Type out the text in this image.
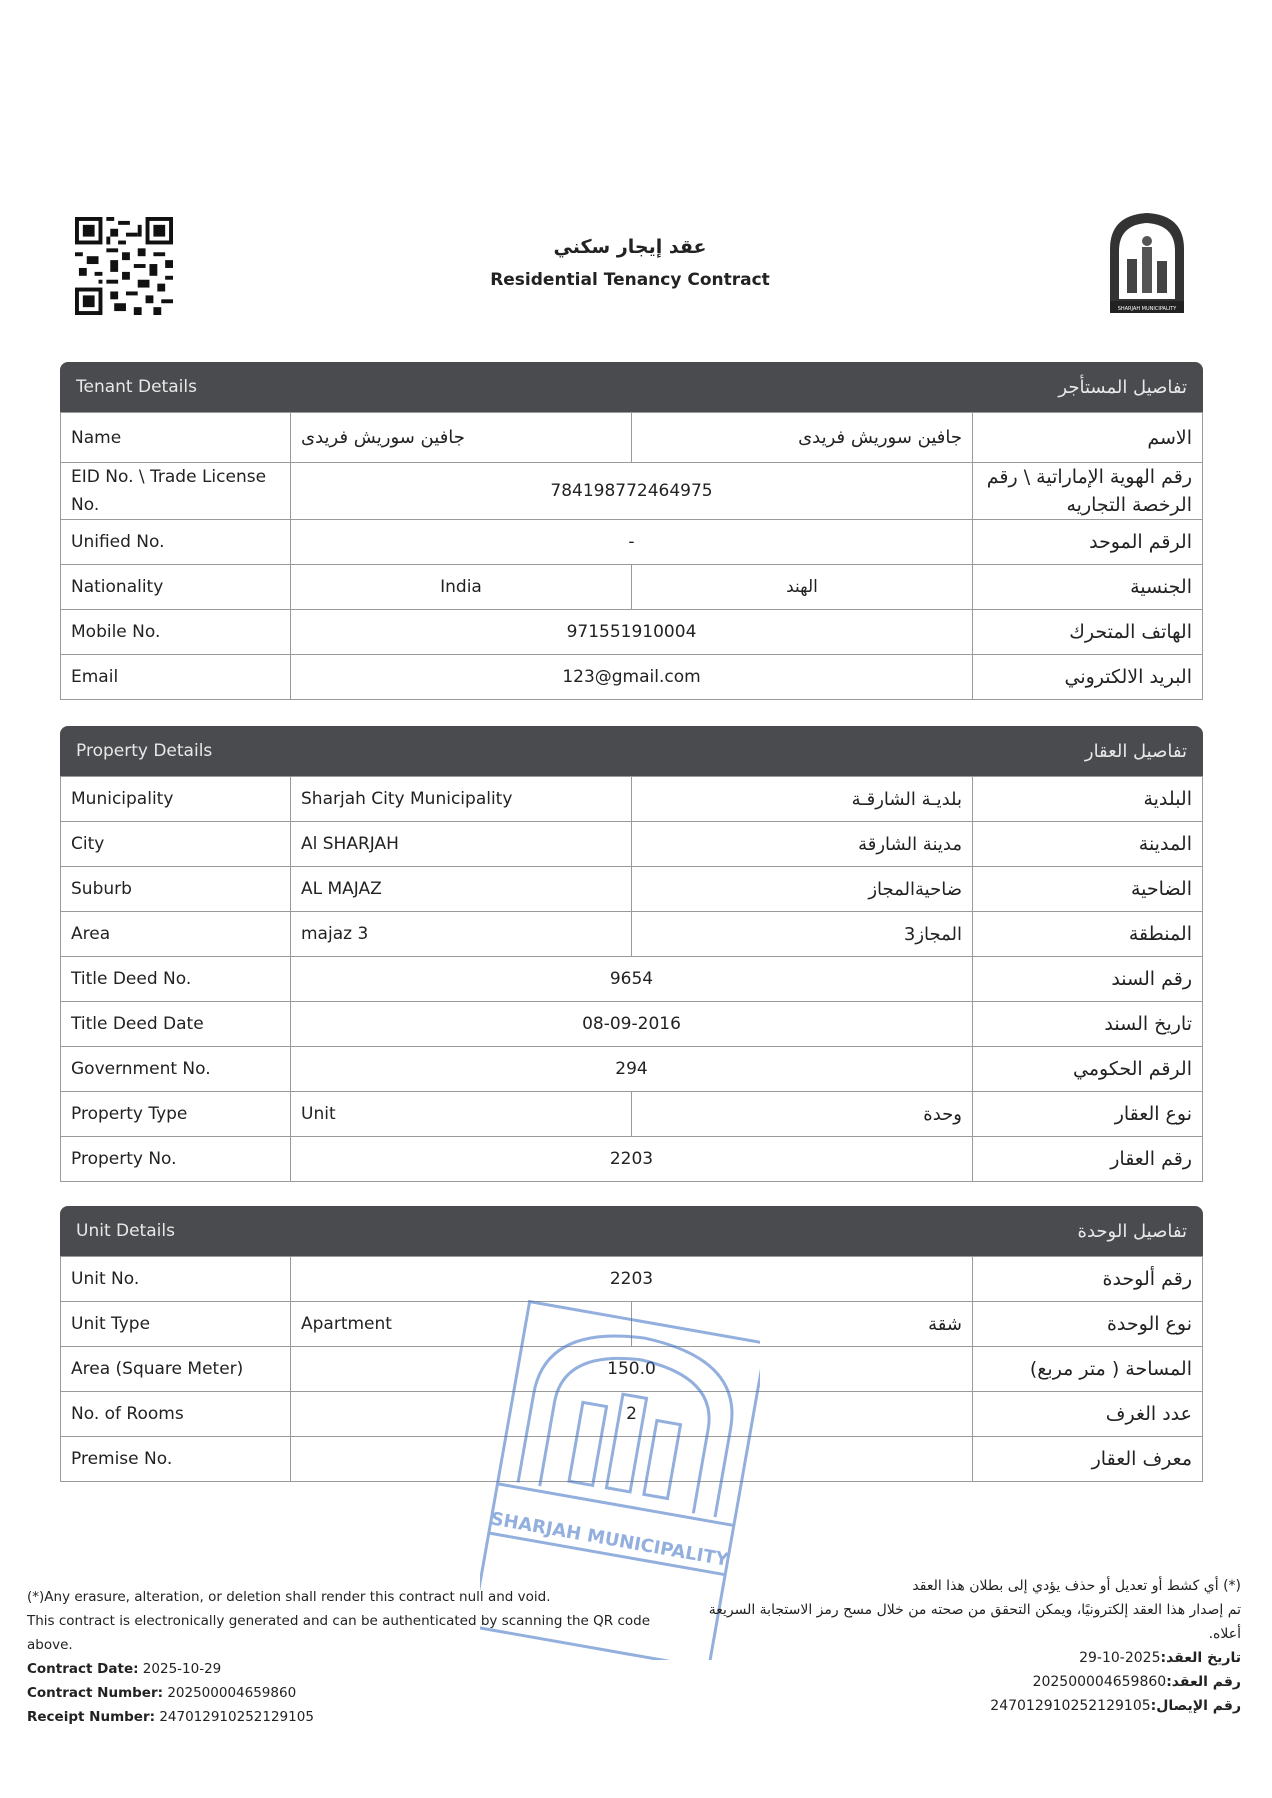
SHARJAH MUNICIPALITY
عقد إيجار سكني
Residential Tenancy Contract
Tenant Details	تفاصيل المستأجر
Name	جافين سوريش فريدى	جافين سوريش فريدى	الاسم
EID No. \ Trade License No.	784198772464975		رقم الهوية الإماراتية \ رقم الرخصة التجاريه
Unified No.	-		الرقم الموحد
Nationality	India	الهند	الجنسية
Mobile No.	971551910004		الهاتف المتحرك
Email	123@gmail.com		البريد الالكتروني
Property Details	تفاصيل العقار
Municipality	Sharjah City Municipality	بلديـة الشارقـة	البلدية
City	Al SHARJAH	مدينة الشارقة	المدينة
Suburb	AL MAJAZ	ضاحيةالمجاز	الضاحية
Area	majaz 3	المجاز3	المنطقة
Title Deed No.	9654		رقم السند
Title Deed Date	08-09-2016		تاريخ السند
Government No.	294		الرقم الحكومي
Property Type	Unit	وحدة	نوع العقار
Property No.	2203		رقم العقار
Unit Details	تفاصيل الوحدة
Unit No.	2203		رقم ألوحدة
Unit Type	Apartment	شقة	نوع الوحدة
Area (Square Meter)	150.0		المساحة ( متر مربع)
No. of Rooms	2		عدد الغرف
Premise No.			معرف العقار
SHARJAH MUNICIPALITY
(*)Any erasure, alteration, or deletion shall render this contract null and void.
This contract is electronically generated and can be authenticated by scanning the QR code above.
Contract Date: 2025-10-29
Contract Number: 202500004659860
Receipt Number: 247012910252129105
(*) أي كشط أو تعديل أو حذف يؤدي إلى بطلان هذا العقد
تم إصدار هذا العقد إلكترونيًا، ويمكن التحقق من صحته من خلال مسح رمز الاستجابة السريعة أعلاه.
تاريخ العقد:2025-10-29
رقم العقد:202500004659860
رقم الإيصال:247012910252129105
